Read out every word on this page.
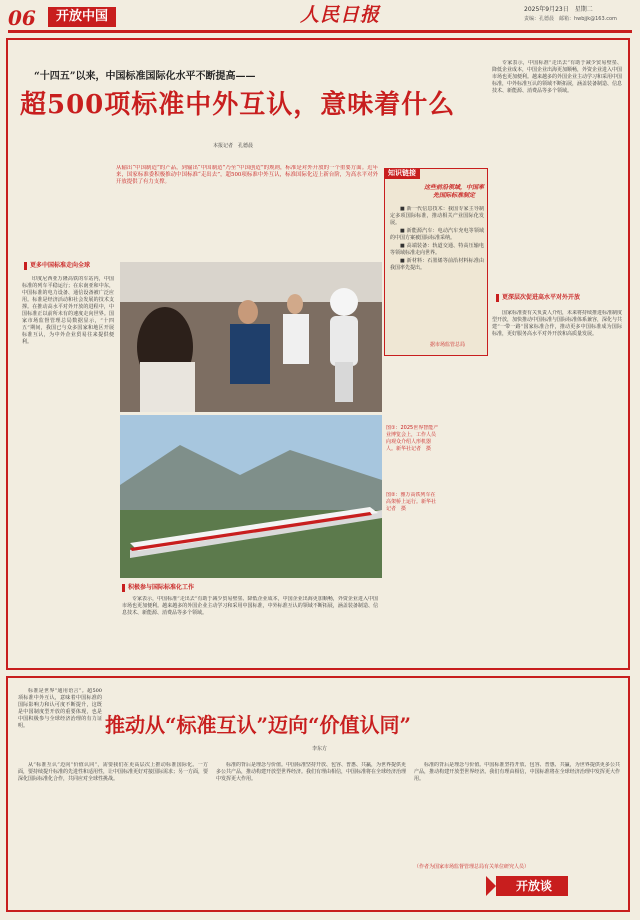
06	开放中国	人民日报	2025年9月23日　星期二
责编：孔德晨　邮箱：hwbjjk@163.com
“十四五”以来，中国标准国际化水平不断提高——
超500项标准中外互认，意味着什么
本报记者　孔德晨
从输出“中国制造”的产品，到输出“中国制造”乃至“中国创造”的规则，标准是对外开放的一个重要方面。近年来，国家标准委积极推动中国标准“走出去”，超500项标准中外互认，标准国际化迈上新台阶，为高水平对外开放提供了有力支撑。
更多中国标准走向全球

印度尼西亚万隆高铁的车站内，中国标准的列车平稳运行；在东南亚和中东，中国标准的电力设备、通信设备被广泛应用。标准是经济活动和社会发展的技术支撑。在推动高水平对外开放的进程中，中国标准正以前所未有的速度走向世界。国家市场监督管理总局数据显示，“十四五”期间，我国已与众多国家和地区开展标准互认，为中外企业贸易往来提供便利。

图①：2025世界智能产业博览会上，工作人员向观众介绍人形机器人。新华社记者　摄
图②：雅万高铁列车在高架桥上运行。新华社记者　摄
知识链接
这些前沿领域，中国率先国际标准制定

■ 新一代信息技术：我国专家主导制定多项国际标准，推动相关产业国际化发展。

■ 新能源汽车：电动汽车充电等领域的中国方案被国际标准采纳。

■ 高端装备：轨道交通、特高压输电等领域标准走向世界。

■ 新材料：石墨烯等前沿材料标准由我国率先提出。

据市场监管总局
积极参与国际标准化工作

专家表示，中国标准“走出去”有助于减少贸易壁垒、降低企业成本，中国企业出海更加顺畅，外资企业进入中国市场也更加便利。越来越多的外国企业主动学习和采用中国标准，中外标准互认的领域不断拓展，涵盖装备制造、信息技术、新能源、消费品等多个领域。

专家表示，中国标准“走出去”有助于减少贸易壁垒、降低企业成本，中国企业出海更加顺畅，外资企业进入中国市场也更加便利。越来越多的外国企业主动学习和采用中国标准，中外标准互认的领域不断拓展，涵盖装备制造、信息技术、新能源、消费品等多个领域。

更深层次促进高水平对外开放

国家标准委有关负责人介绍，未来将持续推进标准制度型开放，加快推动中国标准与国际标准体系兼容，深化与共建“一带一路”国家标准合作，推动更多中国标准成为国际标准，更好服务高水平对外开放和高质量发展。

推动从“标准互认”迈向“价值认同”
李东方

标准是世界“通用语言”。超500项标准中外互认，意味着中国标准的国际影响力和认可度不断提升，这既是中国制度型开放的重要体现，也是中国积极参与全球经济治理的有力证明。

从“标准互认”迈向“价值认同”，需要我们在更高层次上推动标准国际化。一方面，要持续提升标准的先进性和适用性，让中国标准更好对接国际需求；另一方面，要深化国际标准化合作，共同应对全球性挑战。

标准的背后是理念与价值。中国标准坚持开放、包容、普惠、共赢，为世界提供更多公共产品，推动构建开放型世界经济。我们有理由相信，中国标准将在全球经济治理中发挥更大作用。

标准的背后是理念与价值。中国标准坚持开放、包容、普惠、共赢，为世界提供更多公共产品，推动构建开放型世界经济。我们有理由相信，中国标准将在全球经济治理中发挥更大作用。

（作者为国家市场监督管理总局有关单位研究人员）
开放谈
